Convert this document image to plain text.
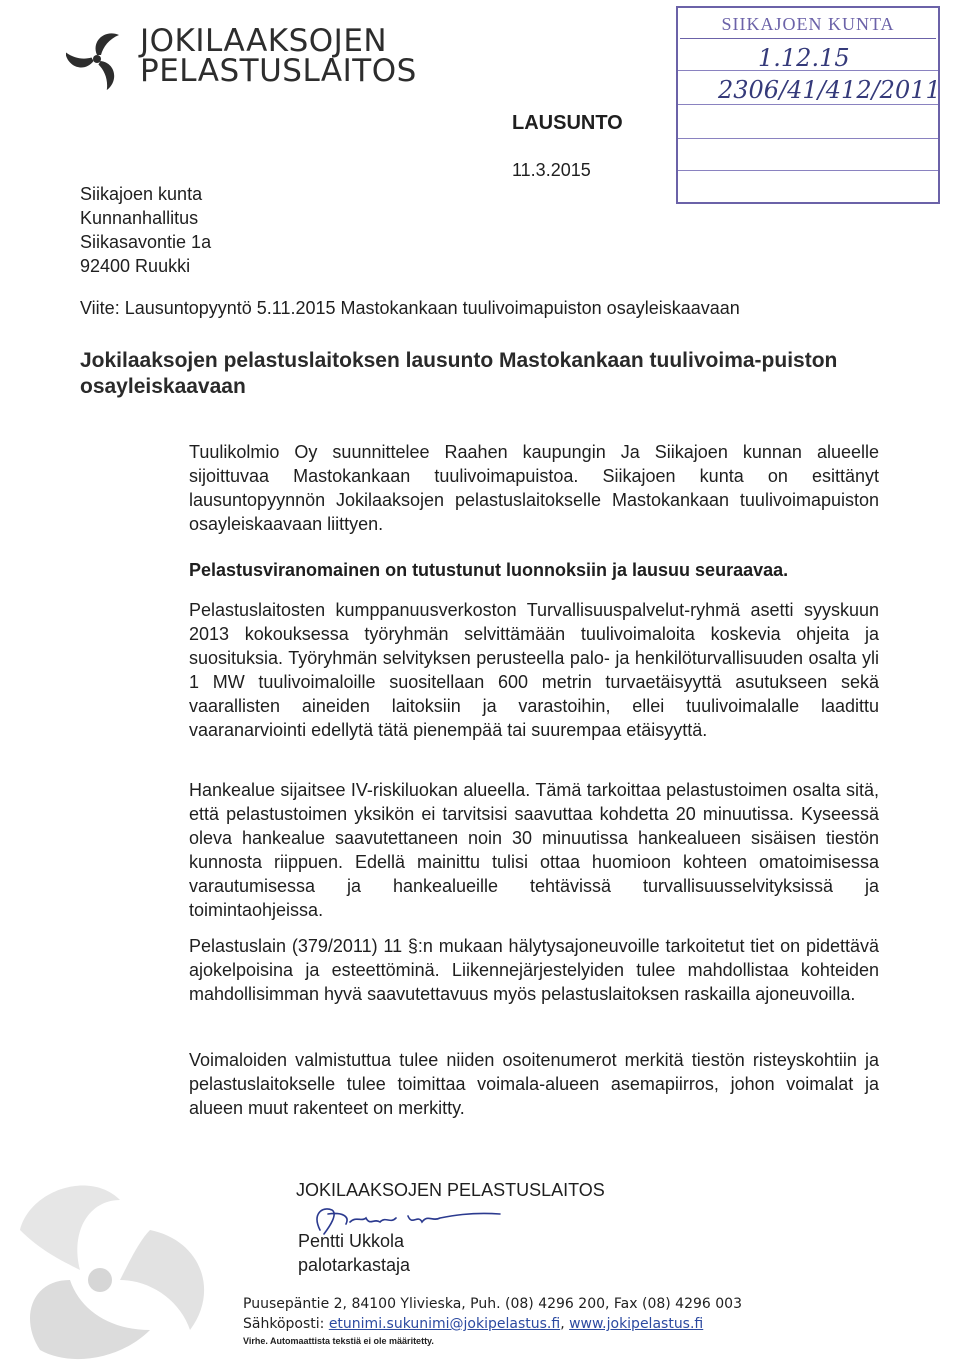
JOKILAAKSOJEN
PELASTUSLAITOS
LAUSUNTO
11.3.2015
SIIKAJOEN KUNTA
1.12.15
2306/41/412/2011
Siikajoen kunta
Kunnanhallitus
Siikasavontie 1a
92400 Ruukki
Viite: Lausuntopyyntö 5.11.2015 Mastokankaan tuulivoimapuiston osayleiskaavaan
Jokilaaksojen pelastuslaitoksen lausunto Mastokankaan tuulivoima-puiston osayleiskaavaan
Tuulikolmio Oy suunnittelee Raahen kaupungin Ja Siikajoen kunnan alueelle sijoittuvaa Mastokankaan tuulivoimapuistoa. Siikajoen kunta on esittänyt lausuntopyynnön Jokilaaksojen pelastuslaitokselle Mastokankaan tuulivoimapuiston osayleiskaavaan liittyen.
Pelastusviranomainen on tutustunut luonnoksiin ja lausuu seuraavaa.
Pelastuslaitosten kumppanuusverkoston Turvallisuuspalvelut-ryhmä asetti syyskuun 2013 kokouksessa työryhmän selvittämään tuulivoimaloita koskevia ohjeita ja suosituksia. Työryhmän selvityksen perusteella palo- ja henkilöturvallisuuden osalta yli 1 MW tuulivoimaloille suositellaan 600 metrin turvaetäisyyttä asutukseen sekä vaarallisten aineiden laitoksiin ja varastoihin, ellei tuulivoimalalle laadittu vaaranarviointi edellytä tätä pienempää tai suurempaa etäisyyttä.
Hankealue sijaitsee IV-riskiluokan alueella. Tämä tarkoittaa pelastustoimen osalta sitä, että pelastustoimen yksikön ei tarvitsisi saavuttaa kohdetta 20 minuutissa. Kyseessä oleva hankealue saavutettaneen noin 30 minuutissa hankealueen sisäisen tiestön kunnosta riippuen. Edellä mainittu tulisi ottaa huomioon kohteen omatoimisessa varautumisessa ja hankealueille tehtävissä turvallisuusselvityksissä ja toimintaohjeissa.
Pelastuslain (379/2011) 11 §:n mukaan hälytysajoneuvoille tarkoitetut tiet on pidettävä ajokelpoisina ja esteettöminä. Liikennejärjestelyiden tulee mahdollistaa kohteiden mahdollisimman hyvä saavutettavuus myös pelastuslaitoksen raskailla ajoneuvoilla.
Voimaloiden valmistuttua tulee niiden osoitenumerot merkitä tiestön risteyskohtiin ja pelastuslaitokselle tulee toimittaa voimala-alueen asemapiirros, johon voimalat ja alueen muut rakenteet on merkitty.
JOKILAAKSOJEN PELASTUSLAITOS
Pentti Ukkola
palotarkastaja
Puusepäntie 2, 84100 Ylivieska, Puh. (08) 4296 200, Fax (08) 4296 003
Sähköposti: etunimi.sukunimi@jokipelastus.fi, www.jokipelastus.fi
Virhe. Automaattista tekstiä ei ole määritetty.
